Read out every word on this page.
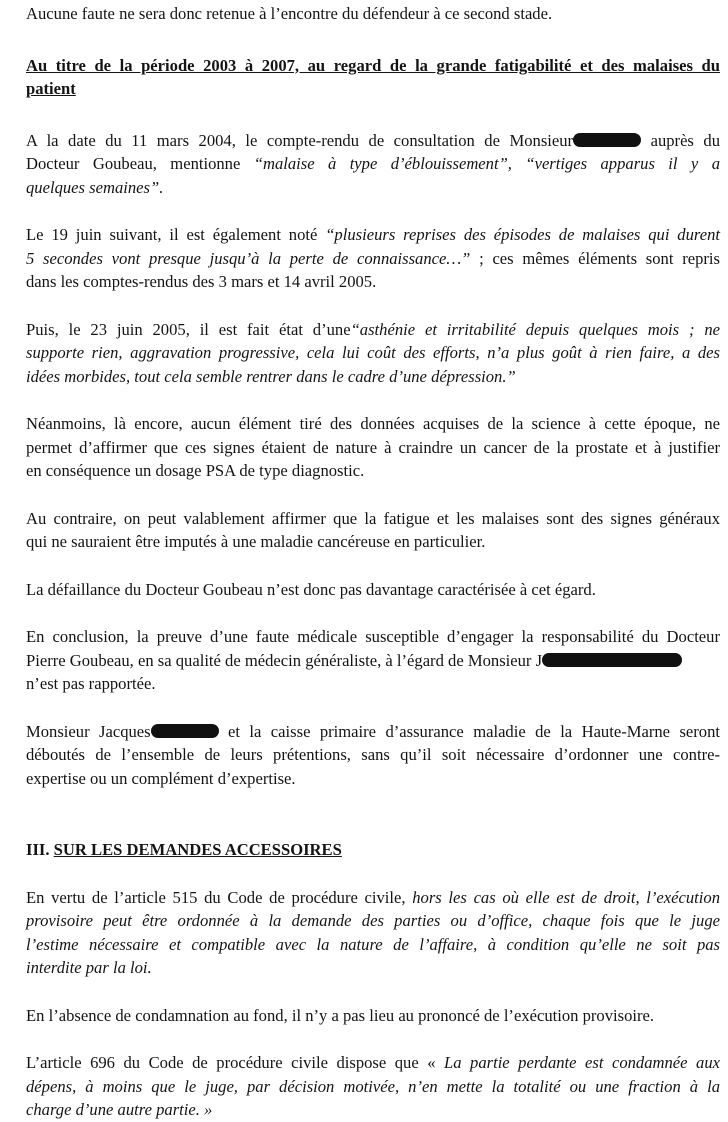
Aucune faute ne sera donc retenue à l’encontre du défendeur à ce second stade.

Au titre de la période 2003 à 2007, au regard de la grande fatigabilité et des malaises du
patient

A la date du 11 mars 2004, le compte-rendu de consultation de Monsieur	auprès du
Docteur Goubeau, mentionne “malaise à type d’éblouissement”, “vertiges apparus il y a
quelques semaines”.

Le 19 juin suivant, il est également noté “plusieurs reprises des épisodes de malaises qui durent
5 secondes vont presque jusqu’à la perte de connaissance…” ; ces mêmes éléments sont repris
dans les comptes-rendus des 3 mars et 14 avril 2005.

Puis, le 23 juin 2005, il est fait état d’une“asthénie et irritabilité depuis quelques mois ; ne
supporte rien, aggravation progressive, cela lui coût des efforts, n’a plus goût à rien faire, a des
idées morbides, tout cela semble rentrer dans le cadre d’une dépression.”

Néanmoins, là encore, aucun élément tiré des données acquises de la science à cette époque, ne
permet d’affirmer que ces signes étaient de nature à craindre un cancer de la prostate et à justifier
en conséquence un dosage PSA de type diagnostic.

Au contraire, on peut valablement affirmer que la fatigue et les malaises sont des signes généraux
qui ne sauraient être imputés à une maladie cancéreuse en particulier.

La défaillance du Docteur Goubeau n’est donc pas davantage caractérisée à cet égard.

En conclusion, la preuve d’une faute médicale susceptible d’engager la responsabilité du Docteur
Pierre Goubeau, en sa qualité de médecin généraliste, à l’égard de Monsieur J
n’est pas rapportée.

Monsieur Jacques	et la caisse primaire d’assurance maladie de la Haute-Marne seront
déboutés de l’ensemble de leurs prétentions, sans qu’il soit nécessaire d’ordonner une contre-
expertise ou un complément d’expertise.

III. SUR LES DEMANDES ACCESSOIRES

En vertu de l’article 515 du Code de procédure civile, hors les cas où elle est de droit, l’exécution
provisoire peut être ordonnée à la demande des parties ou d’office, chaque fois que le juge
l’estime nécessaire et compatible avec la nature de l’affaire, à condition qu’elle ne soit pas
interdite par la loi.

En l’absence de condamnation au fond, il n’y a pas lieu au prononcé de l’exécution provisoire.

L’article 696 du Code de procédure civile dispose que « La partie perdante est condamnée aux
dépens, à moins que le juge, par décision motivée, n’en mette la totalité ou une fraction à la
charge d’une autre partie. »
